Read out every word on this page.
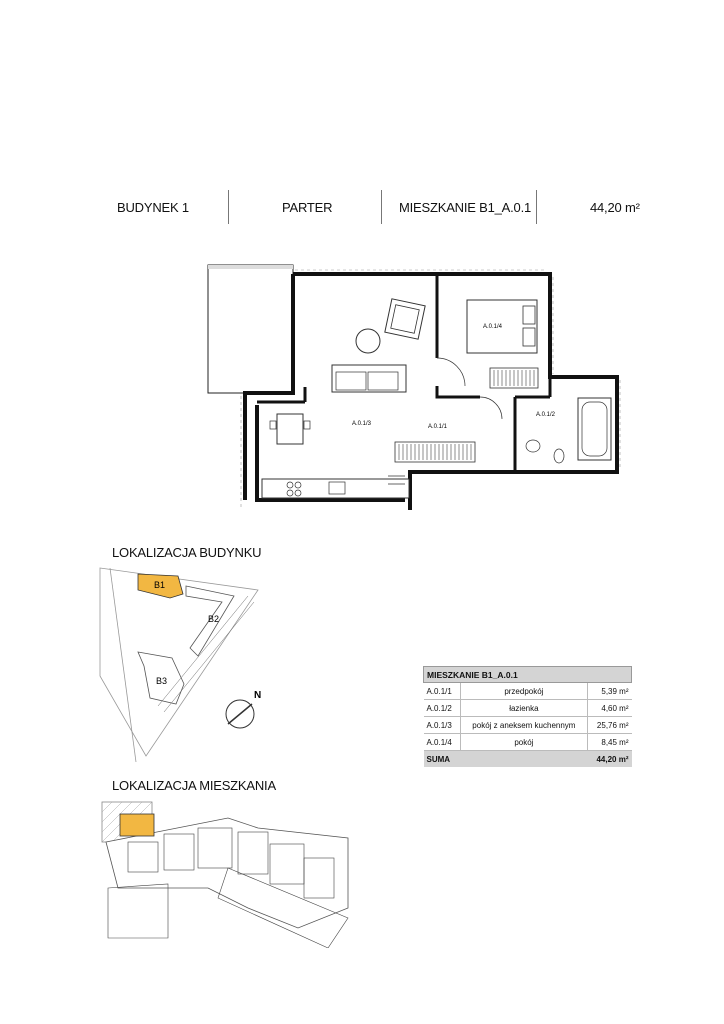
BUDYNEK 1	PARTER	MIESZKANIE B1_A.0.1	44,20 m²
A.0.1/4
A.0.1/3	A.0.1/1
A.0.1/2
LOKALIZACJA BUDYNKU
B1
B2
B3
N
LOKALIZACJA MIESZKANIA
MIESZKANIE B1_A.0.1		
A.0.1/1	przedpokój	5,39 m²
A.0.1/2	łazienka	4,60 m²
A.0.1/3	pokój z aneksem kuchennym	25,76 m²
A.0.1/4	pokój	8,45 m²
SUMA		44,20 m²
